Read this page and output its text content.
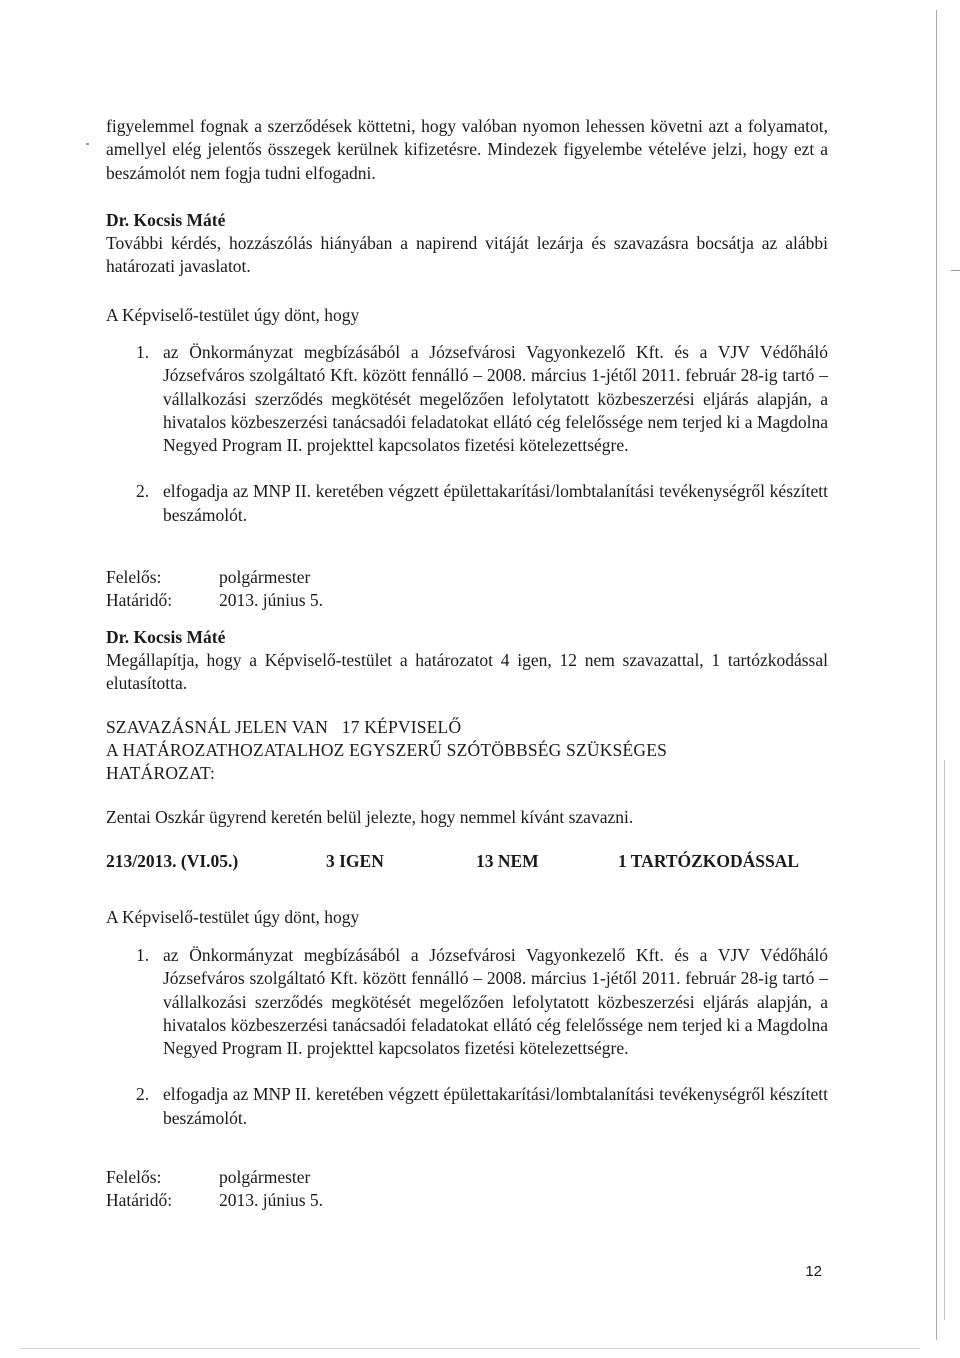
figyelemmel fognak a szerződések köttetni, hogy valóban nyomon lehessen követni azt a folyamatot, amellyel elég jelentős összegek kerülnek kifizetésre. Mindezek figyelembe vételéve jelzi, hogy ezt a beszámolót nem fogja tudni elfogadni.

Dr. Kocsis Máté

További kérdés, hozzászólás hiányában a napirend vitáját lezárja és szavazásra bocsátja az alábbi határozati javaslatot.

A Képviselő-testület úgy dönt, hogy

1. az Önkormányzat megbízásából a Józsefvárosi Vagyonkezelő Kft. és a VJV Védőháló Józsefváros szolgáltató Kft. között fennálló – 2008. március 1-jétől 2011. február 28-ig tartó – vállalkozási szerződés megkötését megelőzően lefolytatott közbeszerzési eljárás alapján, a hivatalos közbeszerzési tanácsadói feladatokat ellátó cég felelőssége nem terjed ki a Magdolna Negyed Program II. projekttel kapcsolatos fizetési kötelezettségre.
2. elfogadja az MNP II. keretében végzett épülettakarítási/lombtalanítási tevékenységről készített beszámolót.
Felelős:	polgármester
Határidő:	2013. június 5.

Dr. Kocsis Máté

Megállapítja, hogy a Képviselő-testület a határozatot 4 igen, 12 nem szavazattal, 1 tartózkodással elutasította.

SZAVAZÁSNÁL JELEN VAN   17 KÉPVISELŐ

A HATÁROZATHOZATALHOZ EGYSZERŰ SZÓTÖBBSÉG SZÜKSÉGES

HATÁROZAT:

Zentai Oszkár ügyrend keretén belül jelezte, hogy nemmel kívánt szavazni.

213/2013. (VI.05.)	3 IGEN	13 NEM	1 TARTÓZKODÁSSAL

A Képviselő-testület úgy dönt, hogy

1. az Önkormányzat megbízásából a Józsefvárosi Vagyonkezelő Kft. és a VJV Védőháló Józsefváros szolgáltató Kft. között fennálló – 2008. március 1-jétől 2011. február 28-ig tartó – vállalkozási szerződés megkötését megelőzően lefolytatott közbeszerzési eljárás alapján, a hivatalos közbeszerzési tanácsadói feladatokat ellátó cég felelőssége nem terjed ki a Magdolna Negyed Program II. projekttel kapcsolatos fizetési kötelezettségre.
2. elfogadja az MNP II. keretében végzett épülettakarítási/lombtalanítási tevékenységről készített beszámolót.
Felelős:	polgármester
Határidő:	2013. június 5.
12
